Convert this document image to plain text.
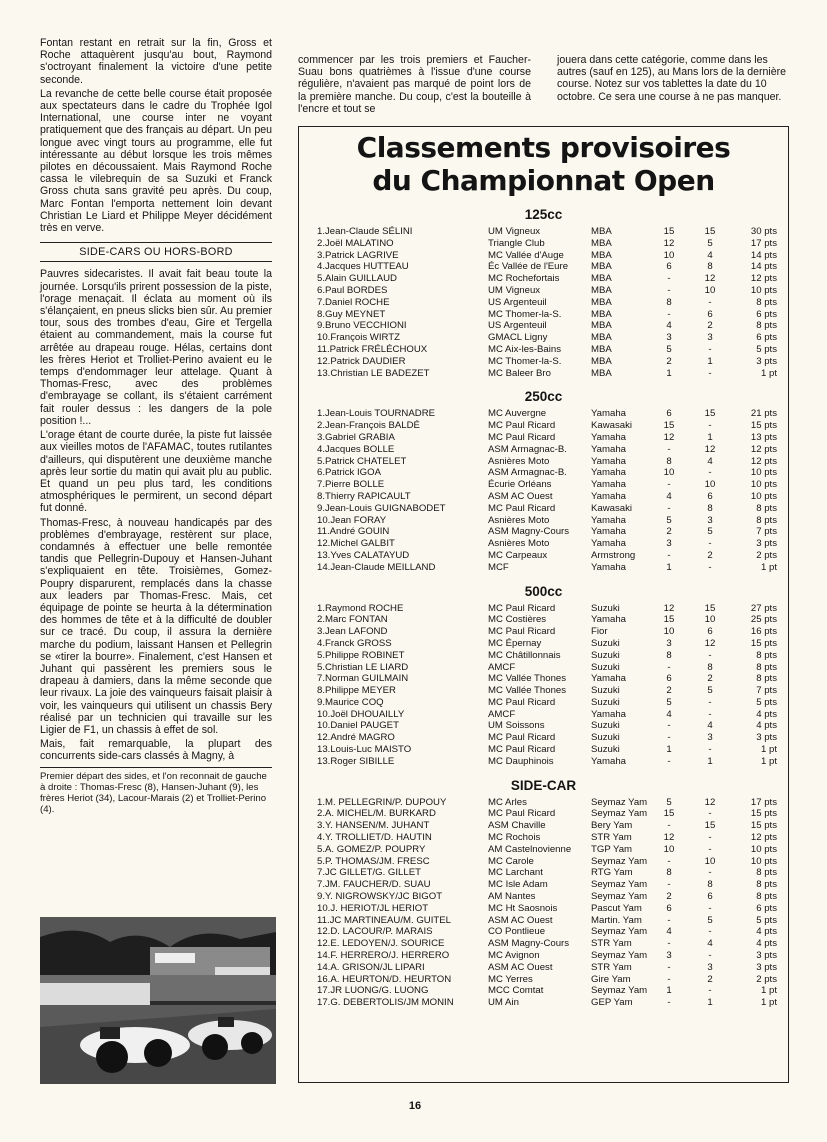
Fontan restant en retrait sur la fin, Gross et Roche attaquèrent jusqu'au bout, Raymond s'octroyant finalement la victoire d'une petite seconde.

La revanche de cette belle course était proposée aux spectateurs dans le cadre du Trophée Igol International, une course inter ne voyant pratiquement que des français au départ. Un peu longue avec vingt tours au programme, elle fut intéressante au début lorsque les trois mêmes pilotes en découssaient. Mais Raymond Roche cassa le vilebrequin de sa Suzuki et Franck Gross chuta sans gravité peu après. Du coup, Marc Fontan l'emporta nettement loin devant Christian Le Liard et Philippe Meyer décidément très en verve.

SIDE-CARS OU HORS-BORD

Pauvres sidecaristes. Il avait fait beau toute la journée. Lorsqu'ils prirent possession de la piste, l'orage menaçait. Il éclata au moment où ils s'élançaient, en pneus slicks bien sûr. Au premier tour, sous des trombes d'eau, Gire et Tergella étaient au commandement, mais la course fut arrêtée au drapeau rouge. Hélas, certains dont les frères Heriot et Trolliet-Perino avaient eu le temps d'endommager leur attelage. Quant à Thomas-Fresc, avec des problèmes d'embrayage se collant, ils s'étaient carrément fait rouler dessus : les dangers de la pole position !...

L'orage étant de courte durée, la piste fut laissée aux vieilles motos de l'AFAMAC, toutes rutilantes d'ailleurs, qui disputèrent une deuxième manche après leur sortie du matin qui avait plu au public. Et quand un peu plus tard, les conditions atmosphériques le permirent, un second départ fut donné.

Thomas-Fresc, à nouveau handicapés par des problèmes d'embrayage, restèrent sur place, condamnés à effectuer une belle remontée tandis que Pellegrin-Dupouy et Hansen-Juhant s'expliquaient en tête. Troisièmes, Gomez-Poupry disparurent, remplacés dans la chasse aux leaders par Thomas-Fresc. Mais, cet équipage de pointe se heurta à la détermination des hommes de tête et à la difficulté de doubler sur ce tracé. Du coup, il assura la dernière marche du podium, laissant Hansen et Pellegrin se «tirer la bourre». Finalement, c'est Hansen et Juhant qui passèrent les premiers sous le drapeau à damiers, dans la même seconde que leur rivaux. La joie des vainqueurs faisait plaisir à voir, les vainqueurs qui utilisent un chassis Bery réalisé par un technicien qui travaille sur les Ligier de F1, un chassis à effet de sol.

Mais, fait remarquable, la plupart des concurrents side-cars classés à Magny, à

Premier départ des sides, et l'on reconnait de gauche à droite : Thomas-Fresc (8), Hansen-Juhant (9), les frères Heriot (34), Lacour-Marais (2) et Trolliet-Perino (4).

commencer par les trois premiers et Faucher-Suau bons quatrièmes à l'issue d'une course régulière, n'avaient pas marqué de point lors de la première manche. Du coup, c'est la bouteille à l'encre et tout se

jouera dans cette catégorie, comme dans les autres (sauf en 125), au Mans lors de la dernière course. Notez sur vos tablettes la date du 10 octobre. Ce sera une course à ne pas manquer.

Classements provisoires
du Championnat Open
125cc
1.Jean-Claude SÉLINI	UM Vigneux	MBA	15	15	30 pts
2.Joël MALATINO	Triangle Club	MBA	12	5	17 pts
3.Patrick LAGRIVE	MC Vallée d'Auge	MBA	10	4	14 pts
4.Jacques HUTTEAU	Éc Vallée de l'Eure	MBA	6	8	14 pts
5.Alain GUILLAUD	MC Rochefortais	MBA	-	12	12 pts
6.Paul BORDES	UM Vigneux	MBA	-	10	10 pts
7.Daniel ROCHE	US Argenteuil	MBA	8	-	8 pts
8.Guy MEYNET	MC Thomer-la-S.	MBA	-	6	6 pts
9.Bruno VECCHIONI	US Argenteuil	MBA	4	2	8 pts
10.François WIRTZ	GMACL Ligny	MBA	3	3	6 pts
11.Patrick FRÉLÉCHOUX	MC Aix-les-Bains	MBA	5	-	5 pts
12.Patrick DAUDIER	MC Thomer-la-S.	MBA	2	1	3 pts
13.Christian LE BADEZET	MC Baleer Bro	MBA	1	-	1 pt
250cc
1.Jean-Louis TOURNADRE	MC Auvergne	Yamaha	6	15	21 pts
2.Jean-François BALDÉ	MC Paul Ricard	Kawasaki	15	-	15 pts
3.Gabriel GRABIA	MC Paul Ricard	Yamaha	12	1	13 pts
4.Jacques BOLLE	ASM Armagnac-B.	Yamaha	-	12	12 pts
5.Patrick CHATELET	Asnières Moto	Yamaha	8	4	12 pts
6.Patrick IGOA	ASM Armagnac-B.	Yamaha	10	-	10 pts
7.Pierre BOLLE	Écurie Orléans	Yamaha	-	10	10 pts
8.Thierry RAPICAULT	ASM AC Ouest	Yamaha	4	6	10 pts
9.Jean-Louis GUIGNABODET	MC Paul Ricard	Kawasaki	-	8	8 pts
10.Jean FORAY	Asnières Moto	Yamaha	5	3	8 pts
11.André GOUIN	ASM Magny-Cours	Yamaha	2	5	7 pts
12.Michel GALBIT	Asnières Moto	Yamaha	3	-	3 pts
13.Yves CALATAYUD	MC Carpeaux	Armstrong	-	2	2 pts
14.Jean-Claude MEILLAND	MCF	Yamaha	1	-	1 pt
500cc
1.Raymond ROCHE	MC Paul Ricard	Suzuki	12	15	27 pts
2.Marc FONTAN	MC Costières	Yamaha	15	10	25 pts
3.Jean LAFOND	MC Paul Ricard	Fior	10	6	16 pts
4.Franck GROSS	MC Épernay	Suzuki	3	12	15 pts
5.Philippe ROBINET	MC Châtillonnais	Suzuki	8	-	8 pts
5.Christian LE LIARD	AMCF	Suzuki	-	8	8 pts
7.Norman GUILMAIN	MC Vallée Thones	Yamaha	6	2	8 pts
8.Philippe MEYER	MC Vallée Thones	Suzuki	2	5	7 pts
9.Maurice COQ	MC Paul Ricard	Suzuki	5	-	5 pts
10.Joël DHOUAILLY	AMCF	Yamaha	4	-	4 pts
10.Daniel PAUGET	UM Soissons	Suzuki	-	4	4 pts
12.André MAGRO	MC Paul Ricard	Suzuki	-	3	3 pts
13.Louis-Luc MAISTO	MC Paul Ricard	Suzuki	1	-	1 pt
13.Roger SIBILLE	MC Dauphinois	Yamaha	-	1	1 pt
SIDE-CAR
1.M. PELLEGRIN/P. DUPOUY	MC Arles	Seymaz Yam	5	12	17 pts
2.A. MICHEL/M. BURKARD	MC Paul Ricard	Seymaz Yam	15	-	15 pts
3.Y. HANSEN/M. JUHANT	ASM Chaville	Bery Yam	-	15	15 pts
4.Y. TROLLIET/D. HAUTIN	MC Rochois	STR Yam	12	-	12 pts
5.A. GOMEZ/P. POUPRY	AM Castelnovienne	TGP Yam	10	-	10 pts
5.P. THOMAS/JM. FRESC	MC Carole	Seymaz Yam	-	10	10 pts
7.JC GILLET/G. GILLET	MC Larchant	RTG Yam	8	-	8 pts
7.JM. FAUCHER/D. SUAU	MC Isle Adam	Seymaz Yam	-	8	8 pts
9.Y. NIGROWSKY/JC BIGOT	AM Nantes	Seymaz Yam	2	6	8 pts
10.J. HERIOT/JL HERIOT	MC Ht Saosnois	Pascut Yam	6	-	6 pts
11.JC MARTINEAU/M. GUITEL	ASM AC Ouest	Martin. Yam	-	5	5 pts
12.D. LACOUR/P. MARAIS	CO Pontlieue	Seymaz Yam	4	-	4 pts
12.E. LEDOYEN/J. SOURICE	ASM Magny-Cours	STR Yam	-	4	4 pts
14.F. HERRERO/J. HERRERO	MC Avignon	Seymaz Yam	3	-	3 pts
14.A. GRISON/JL LIPARI	ASM AC Ouest	STR Yam	-	3	3 pts
16.A. HEURTON/D. HEURTON	MC Yerres	Gire Yam	-	2	2 pts
17.JR LUONG/G. LUONG	MCC Comtat	Seymaz Yam	1	-	1 pt
17.G. DEBERTOLIS/JM MONIN	UM Ain	GEP Yam	-	1	1 pt
16
